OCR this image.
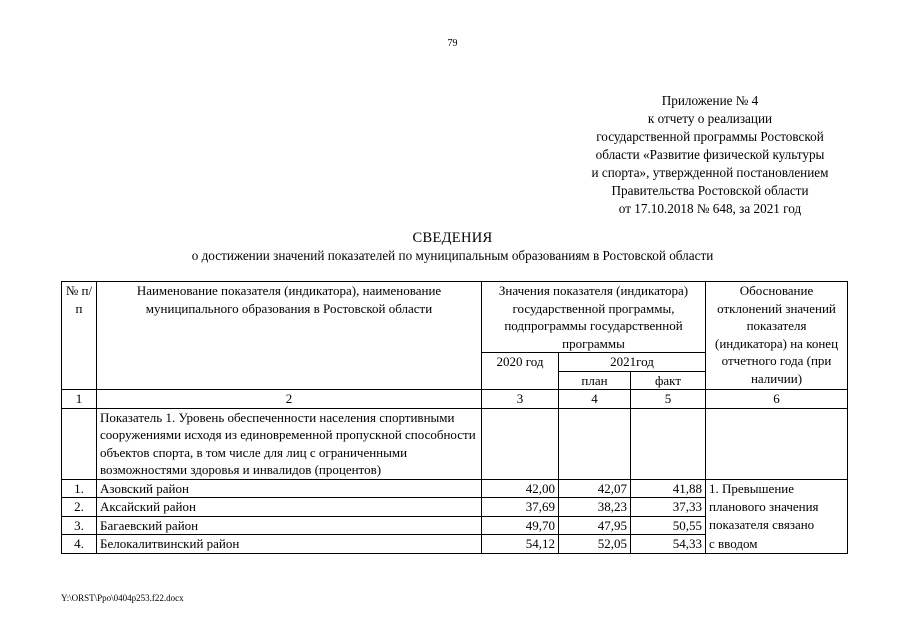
79
Приложение № 4
к отчету о реализации
государственной программы Ростовской
области «Развитие физической культуры
и спорта», утвержденной постановлением
Правительства Ростовской области
от 17.10.2018 № 648, за 2021 год
СВЕДЕНИЯ
о достижении значений показателей по муниципальным образованиям в Ростовской области
№ п/п	Наименование показателя (индикатора), наименование муниципального образования в Ростовской области	Значения показателя (индикатора) государственной программы, подпрограммы государственной программы			Обоснование отклонений значений показателя (индикатора) на конец отчетного года (при наличии)
		2020 год	2021год		
			план	факт	
1	2	3	4	5	6
	Показатель 1. Уровень обеспеченности населения спортивными сооружениями исходя из единовременной пропускной способности объектов спорта, в том числе для лиц с ограниченными возможностями здоровья и инвалидов (процентов)				
1.	Азовский район	42,00	42,07	41,88	1. Превышение
2.	Аксайский район	37,69	38,23	37,33	планового значения
3.	Багаевский район	49,70	47,95	50,55	показателя связано
4.	Белокалитвинский район	54,12	52,05	54,33	с вводом
Y:\ORST\Ppo\0404p253.f22.docx
